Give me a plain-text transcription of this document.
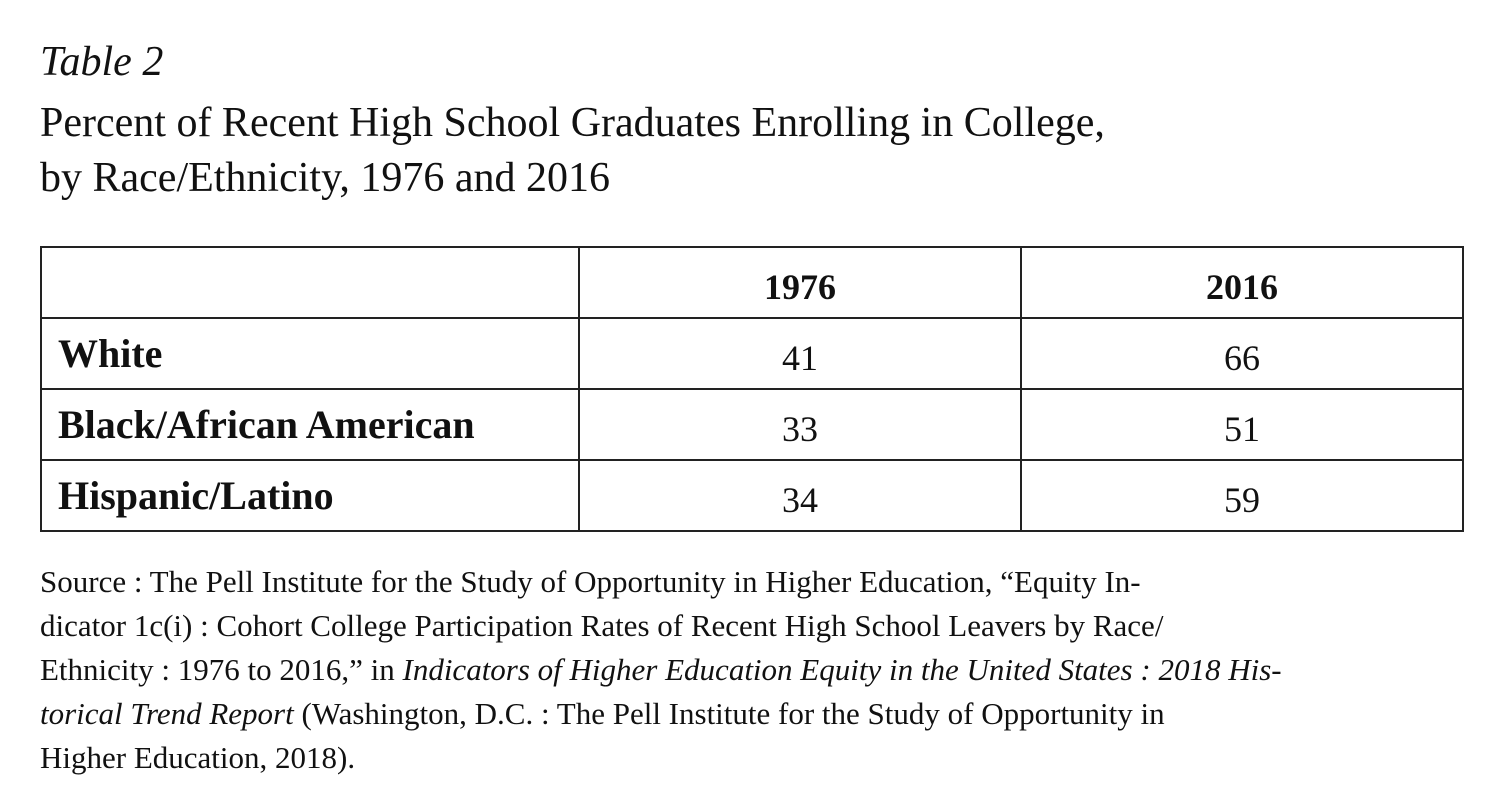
Table 2
Percent of Recent High School Graduates Enrolling in College,
by Race/Ethnicity, 1976 and 2016
	1976	2016
White	41	66
Black/African American	33	51
Hispanic/Latino	34	59
Source : The Pell Institute for the Study of Opportunity in Higher Education, “Equity In-
dicator 1c(i) : Cohort College Participation Rates of Recent High School Leavers by Race/
Ethnicity : 1976 to 2016,” in Indicators of Higher Education Equity in the United States : 2018 His-
torical Trend Report (Washington, D.C. : The Pell Institute for the Study of Opportunity in
Higher Education, 2018).
